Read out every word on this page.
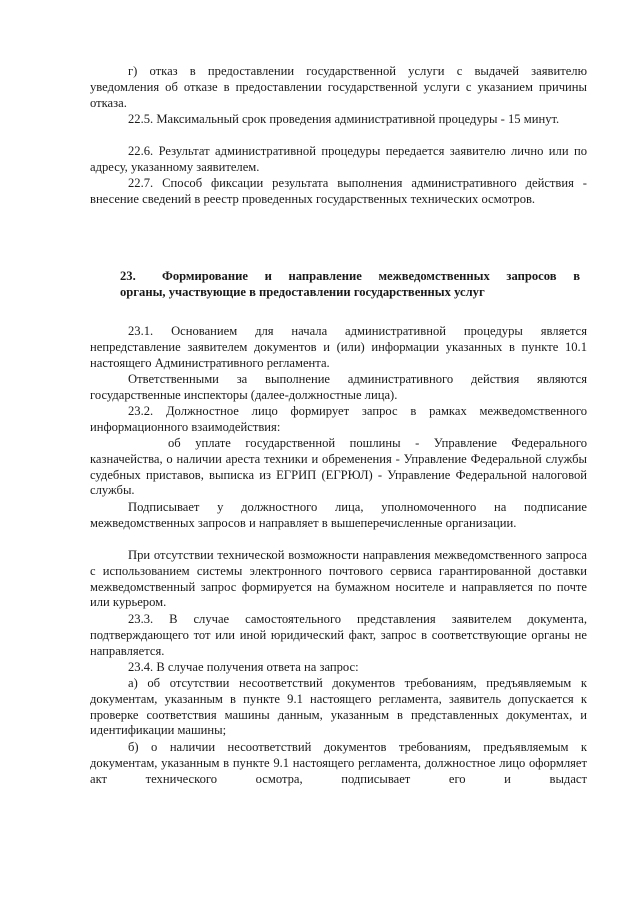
г) отказ в предоставлении государственной услуги с выдачей заявителю уведомления об отказе в предоставлении государственной услуги с указанием причины отказа.

22.5. Максимальный срок проведения административной процедуры - 15 минут.

22.6. Результат административной процедуры передается заявителю лично или по адресу, указанному заявителем.

22.7. Способ фиксации результата выполнения административного действия - внесение сведений в реестр проведенных государственных технических осмотров.

23.	Формирование и направление межведомственных запросов в
органы, участвующие в предоставлении государственных услуг

23.1. Основанием для начала административной процедуры является непредставление заявителем документов и (или) информации указанных в пункте 10.1 настоящего Административного регламента.

Ответственными за выполнение административного действия являются государственные инспекторы (далее-должностные лица).

23.2. Должностное лицо формирует запрос в рамках межведомственного информационного взаимодействия:

об уплате государственной пошлины - Управление Федерального казначейства, о наличии ареста техники и обременения - Управление Федеральной службы судебных приставов, выписка из ЕГРИП (ЕГРЮЛ) - Управление Федеральной налоговой службы.

Подписывает у должностного лица, уполномоченного на подписание межведомственных запросов и направляет в вышеперечисленные организации.

При отсутствии технической возможности направления межведомственного запроса с использованием системы электронного почтового сервиса гарантированной доставки межведомственный запрос формируется на бумажном носителе и направляется по почте или курьером.

23.3. В случае самостоятельного представления заявителем документа, подтверждающего тот или иной юридический факт, запрос в соответствующие органы не направляется.

23.4. В случае получения ответа на запрос:

а) об отсутствии несоответствий документов требованиям, предъявляемым к документам, указанным в пункте 9.1 настоящего регламента, заявитель допускается к проверке соответствия машины данным, указанным в представленных документах, и идентификации машины;

б) о наличии несоответствий документов требованиям, предъявляемым к документам, указанным в пункте 9.1 настоящего регламента, должностное лицо оформляет акт технического осмотра, подписывает его и выдаст
